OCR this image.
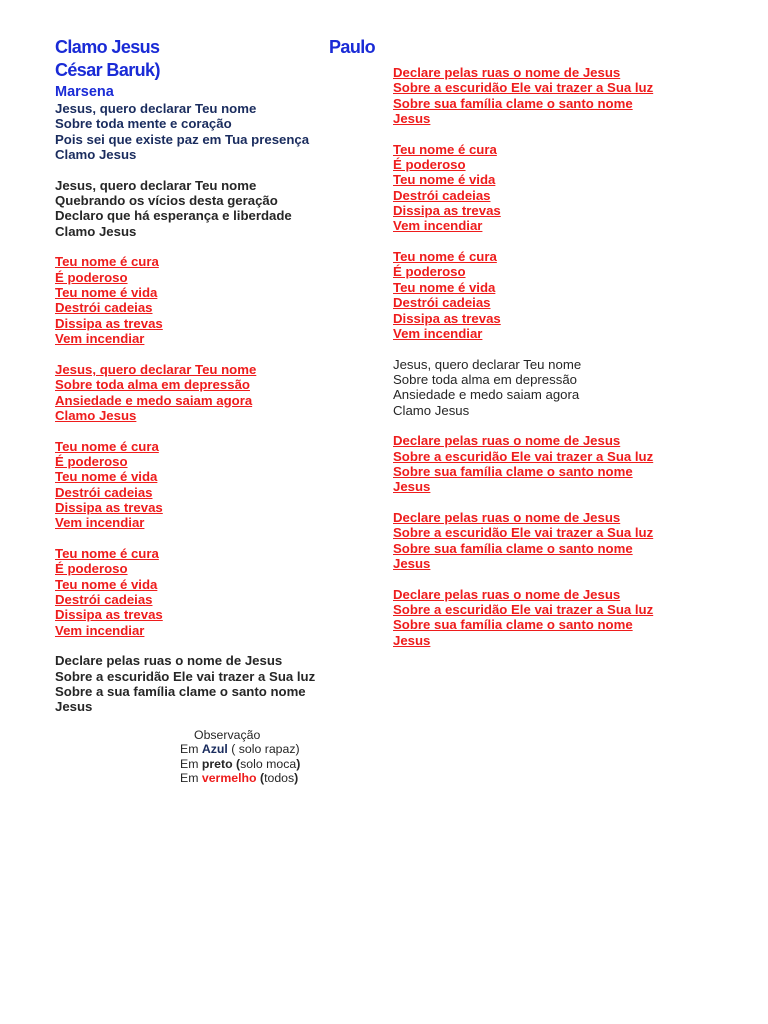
Clamo Jesus	Paulo
César Baruk)
Marsena
Jesus, quero declarar Teu nome
Sobre toda mente e coração
Pois sei que existe paz em Tua presença
Clamo Jesus
Jesus, quero declarar Teu nome
Quebrando os vícios desta geração
Declaro que há esperança e liberdade
Clamo Jesus
Teu nome é cura
É poderoso
Teu nome é vida
Destrói cadeias
Dissipa as trevas
Vem incendiar
Jesus, quero declarar Teu nome
Sobre toda alma em depressão
Ansiedade e medo saiam agora
Clamo Jesus
Teu nome é cura
É poderoso
Teu nome é vida
Destrói cadeias
Dissipa as trevas
Vem incendiar
Teu nome é cura
É poderoso
Teu nome é vida
Destrói cadeias
Dissipa as trevas
Vem incendiar
Declare pelas ruas o nome de Jesus
Sobre a escuridão Ele vai trazer a Sua luz
Sobre a sua família clame o santo nome
Jesus
Declare pelas ruas o nome de Jesus
Sobre a escuridão Ele vai trazer a Sua luz
Sobre sua família clame o santo nome
Jesus
Teu nome é cura
É poderoso
Teu nome é vida
Destrói cadeias
Dissipa as trevas
Vem incendiar
Teu nome é cura
É poderoso
Teu nome é vida
Destrói cadeias
Dissipa as trevas
Vem incendiar
Jesus, quero declarar Teu nome
Sobre toda alma em depressão
Ansiedade e medo saiam agora
Clamo Jesus
Declare pelas ruas o nome de Jesus
Sobre a escuridão Ele vai trazer a Sua luz
Sobre sua família clame o santo nome
Jesus
Declare pelas ruas o nome de Jesus
Sobre a escuridão Ele vai trazer a Sua luz
Sobre sua família clame o santo nome
Jesus
Declare pelas ruas o nome de Jesus
Sobre a escuridão Ele vai trazer a Sua luz
Sobre sua família clame o santo nome
Jesus
Observação
Em Azul ( solo rapaz)
Em preto (solo moca)
Em vermelho (todos)
